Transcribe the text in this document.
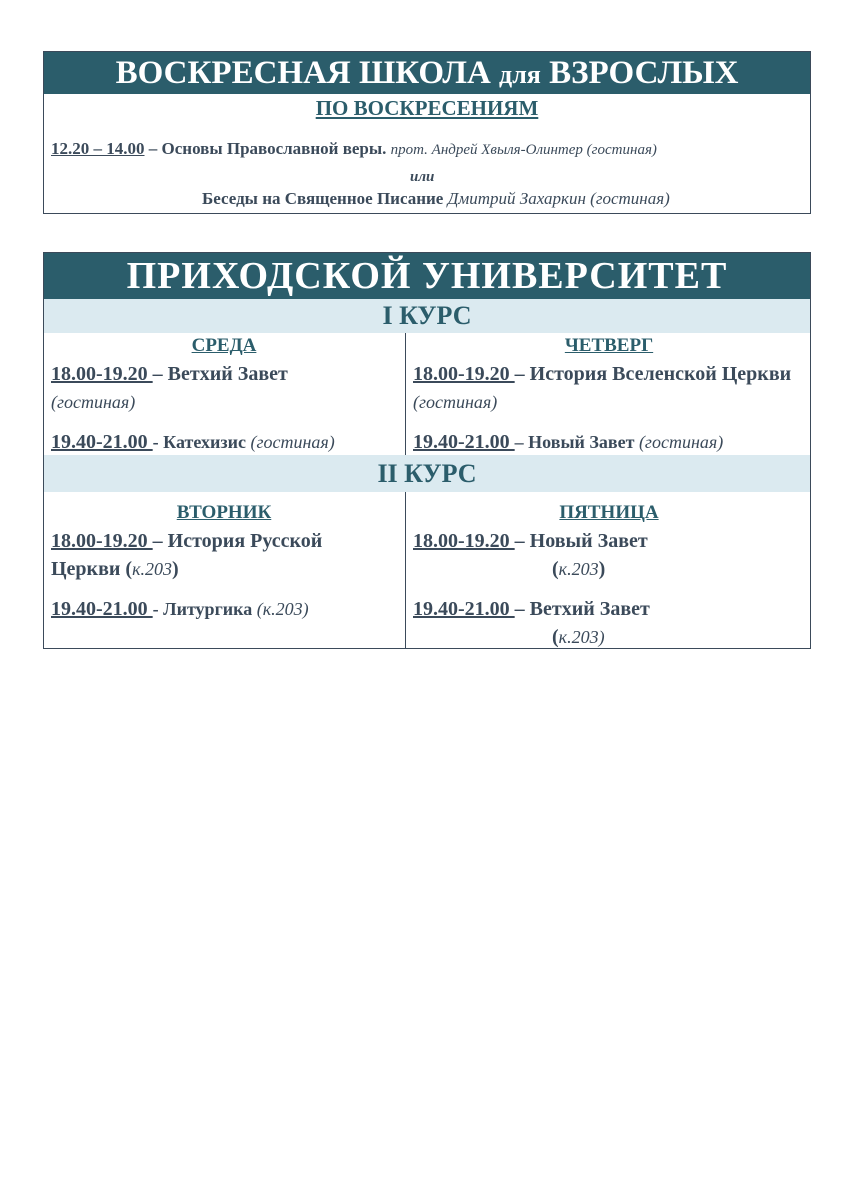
ВОСКРЕСНАЯ ШКОЛА для ВЗРОСЛЫХ
ПО ВОСКРЕСЕНИЯМ
12.20 – 14.00 – Основы Православной веры. прот. Андрей Хвыля-Олинтер (гостиная)
или
Беседы на Священное Писание Дмитрий Захаркин (гостиная)
ПРИХОДСКОЙ УНИВЕРСИТЕТ
I КУРС
СРЕДА	ЧЕТВЕРГ
18.00-19.20 – Ветхий Завет
(гостиная)
19.40-21.00 - Катехизис (гостиная)
18.00-19.20 – История Вселенской Церкви (гостиная)
19.40-21.00 – Новый Завет (гостиная)
II КУРС
ВТОРНИК	ПЯТНИЦА
18.00-19.20 – История Русской Церкви (к.203)
19.40-21.00 - Литургика (к.203)
18.00-19.20 – Новый Завет
(к.203)
19.40-21.00 – Ветхий Завет
(к.203)
